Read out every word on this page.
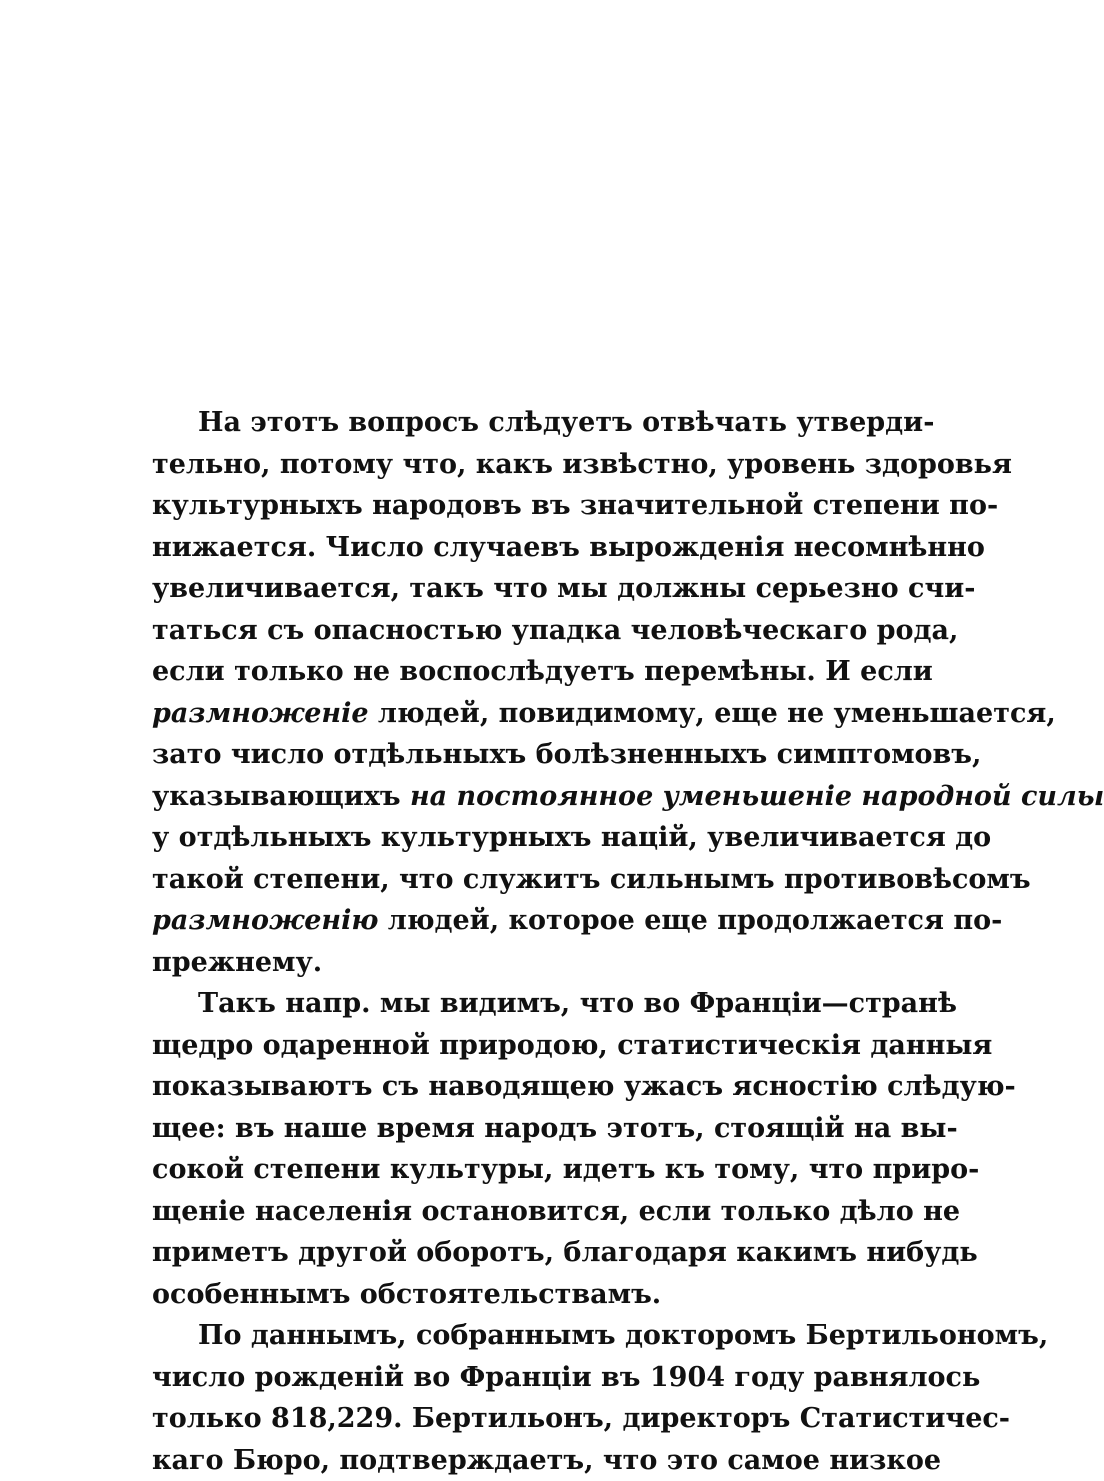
На этотъ вопросъ слѣдуетъ отвѣчать утверди-
тельно, потому что, какъ извѣстно, уровень здоровья
культурныхъ народовъ въ значительной степени по-
нижается. Число случаевъ вырожденія несомнѣнно
увеличивается, такъ что мы должны серьезно счи-
таться съ опасностью упадка человѣческаго рода,
если только не воспослѣдуетъ перемѣны. И если
размноженіе людей, повидимому, еще не уменьшается,
зато число отдѣльныхъ болѣзненныхъ симптомовъ,
указывающихъ на постоянное уменьшеніе народной силы
у отдѣльныхъ культурныхъ націй, увеличивается до
такой степени, что служитъ сильнымъ противовѣсомъ
размноженію людей, которое еще продолжается по-
прежнему.
Такъ напр. мы видимъ, что во Франціи—странѣ
щедро одаренной природою, статистическія данныя
показываютъ съ наводящею ужасъ ясностію слѣдую-
щее: въ наше время народъ этотъ, стоящій на вы-
сокой степени культуры, идетъ къ тому, что приро-
щеніе населенія остановится, если только дѣло не
приметъ другой оборотъ, благодаря какимъ нибудь
особеннымъ обстоятельствамъ.
По даннымъ, собраннымъ докторомъ Бертильономъ,
число рожденій во Франціи въ 1904 году равнялось
только 818,229. Бертильонъ, директоръ Статистичес-
каго Бюро, подтверждаетъ, что это самое низкое
